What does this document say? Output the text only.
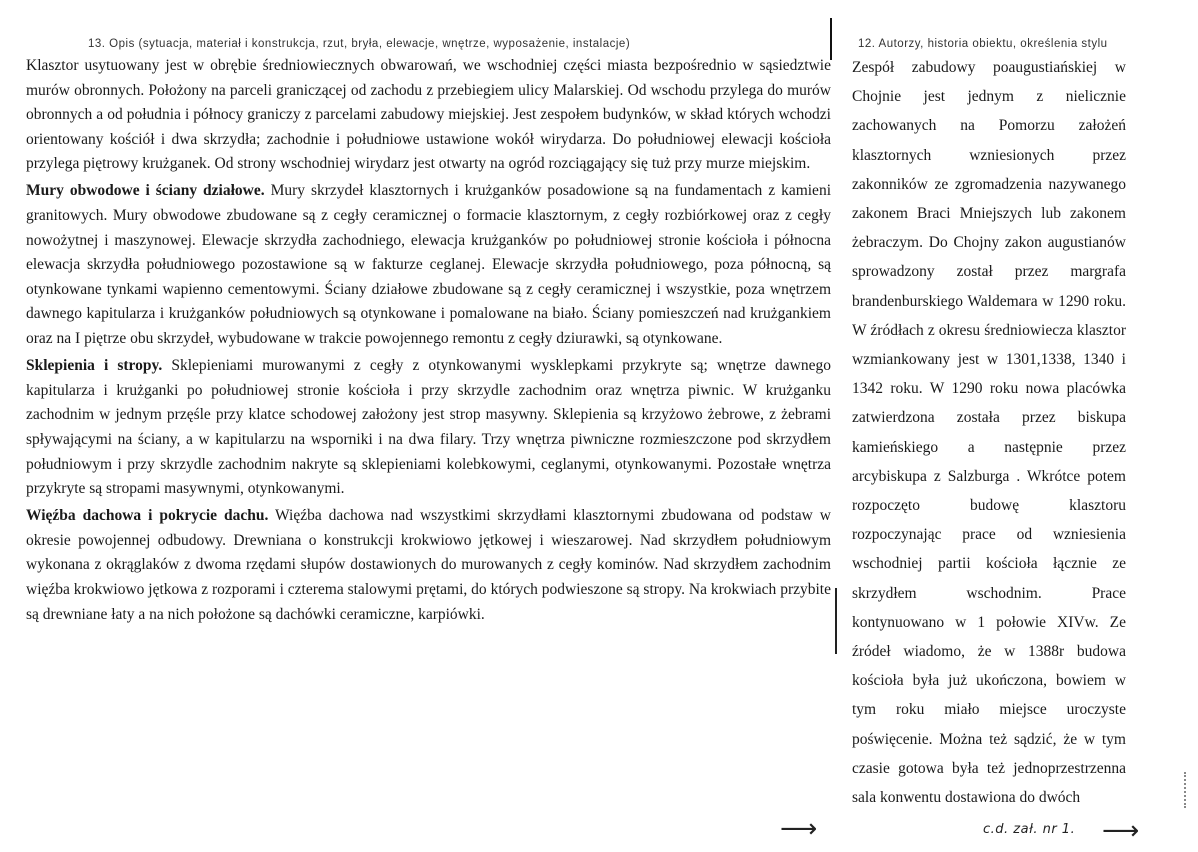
13. Opis (sytuacja, materiał i konstrukcja, rzut, bryła, elewacje, wnętrze, wyposażenie, instalacje)	12. Autorzy, historia obiektu, określenia stylu

Klasztor usytuowany jest w obrębie średniowiecznych obwarowań, we wschodniej części miasta bezpośrednio w sąsiedztwie murów obronnych. Położony na parceli graniczącej od zachodu z przebiegiem ulicy Malarskiej. Od wschodu przylega do murów obronnych a od południa i północy graniczy z parcelami zabudowy miejskiej. Jest zespołem budynków, w skład których wchodzi orientowany kościół i dwa skrzydła; zachodnie i południowe ustawione wokół wirydarza. Do południowej elewacji kościoła przylega piętrowy krużganek. Od strony wschodniej wirydarz jest otwarty na ogród rozciągający się tuż przy murze miejskim.

Mury obwodowe i ściany działowe. Mury skrzydeł klasztornych i krużganków posadowione są na fundamentach z kamieni granitowych. Mury obwodowe zbudowane są z cegły ceramicznej o formacie klasztornym, z cegły rozbiórkowej oraz z cegły nowożytnej i maszynowej. Elewacje skrzydła zachodniego, elewacja krużganków po południowej stronie kościoła i północna elewacja skrzydła południowego pozostawione są w fakturze ceglanej. Elewacje skrzydła południowego, poza północną, są otynkowane tynkami wapienno cementowymi. Ściany działowe zbudowane są z cegły ceramicznej i wszystkie, poza wnętrzem dawnego kapitularza i krużganków południowych są otynkowane i pomalowane na biało. Ściany pomieszczeń nad krużgankiem oraz na I piętrze obu skrzydeł, wybudowane w trakcie powojennego remontu z cegły dziurawki, są otynkowane.

Sklepienia i stropy. Sklepieniami murowanymi z cegły z otynkowanymi wysklepkami przykryte są; wnętrze dawnego kapitularza i krużganki po południowej stronie kościoła i przy skrzydle zachodnim oraz wnętrza piwnic. W krużganku zachodnim w jednym przęśle przy klatce schodowej założony jest strop masywny. Sklepienia są krzyżowo żebrowe, z żebrami spływającymi na ściany, a w kapitularzu na wsporniki i na dwa filary. Trzy wnętrza piwniczne rozmieszczone pod skrzydłem południowym i przy skrzydle zachodnim nakryte są sklepieniami kolebkowymi, ceglanymi, otynkowanymi. Pozostałe wnętrza przykryte są stropami masywnymi, otynkowanymi.

Więźba dachowa i pokrycie dachu. Więźba dachowa nad wszystkimi skrzydłami klasztornymi zbudowana od podstaw w okresie powojennej odbudowy. Drewniana o konstrukcji krokwiowo jętkowej i wieszarowej. Nad skrzydłem południowym wykonana z okrąglaków z dwoma rzędami słupów dostawionych do murowanych z cegły kominów. Nad skrzydłem zachodnim więźba krokwiowo jętkowa z rozporami i czterema stalowymi prętami, do których podwieszone są stropy. Na krokwiach przybite są drewniane łaty a na nich położone są dachówki ceramiczne, karpiówki.

Zespół zabudowy poaugustiańskiej w Chojnie jest jednym z nielicznie zachowanych na Pomorzu założeń klasztornych wzniesionych przez zakonników ze zgromadzenia nazywanego zakonem Braci Mniejszych lub zakonem żebraczym. Do Chojny zakon augustianów sprowadzony został przez margrafa brandenburskiego Waldemara w 1290 roku. W źródłach z okresu średniowiecza klasztor wzmiankowany jest w 1301,1338, 1340 i 1342 roku. W 1290 roku nowa placówka zatwierdzona została przez biskupa kamieńskiego a następnie przez arcybiskupa z Salzburga . Wkrótce potem rozpoczęto budowę klasztoru rozpoczynając prace od wzniesienia wschodniej partii kościoła łącznie ze skrzydłem wschodnim. Prace kontynuowano w 1 połowie XIVw. Ze źródeł wiadomo, że w 1388r budowa kościoła była już ukończona, bowiem w tym roku miało miejsce uroczyste poświęcenie. Można też sądzić, że w tym czasie gotowa była też jednoprzestrzenna sala konwentu dostawiona do dwóch
⟶	c.d. zał. nr 1. ⟶
